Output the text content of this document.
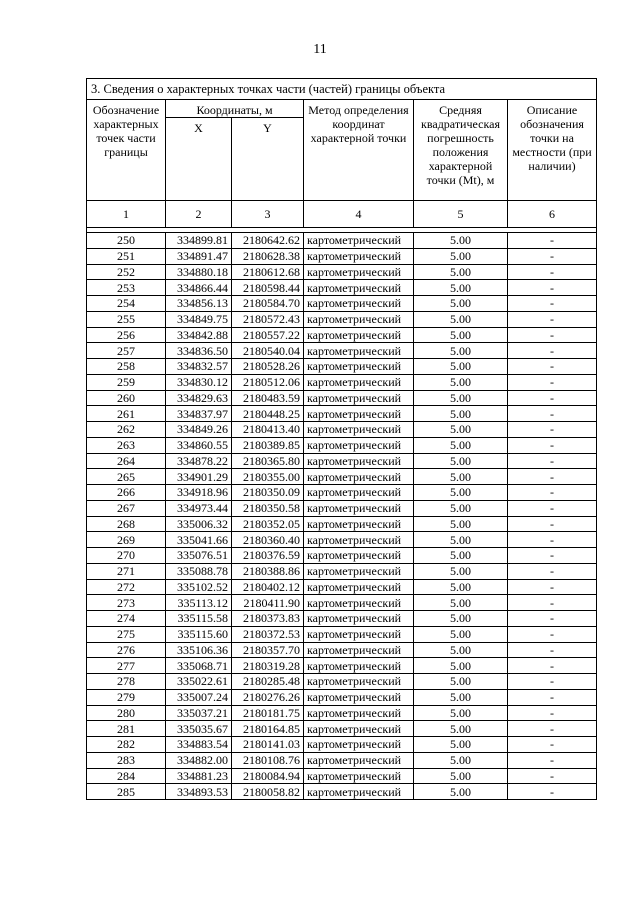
11
3. Сведения о характерных точках части (частей) границы объекта					
Обозначение характерных точек части границы	Координаты, м		Метод определения координат характерной точки	Средняя квадратическая погрешность положения характерной точки (Mt), м	Описание обозначения точки на местности (при наличии)
	X	Y			
1	2	3	4	5	6

250	334899.81	2180642.62	картометрический	5.00	-
251	334891.47	2180628.38	картометрический	5.00	-
252	334880.18	2180612.68	картометрический	5.00	-
253	334866.44	2180598.44	картометрический	5.00	-
254	334856.13	2180584.70	картометрический	5.00	-
255	334849.75	2180572.43	картометрический	5.00	-
256	334842.88	2180557.22	картометрический	5.00	-
257	334836.50	2180540.04	картометрический	5.00	-
258	334832.57	2180528.26	картометрический	5.00	-
259	334830.12	2180512.06	картометрический	5.00	-
260	334829.63	2180483.59	картометрический	5.00	-
261	334837.97	2180448.25	картометрический	5.00	-
262	334849.26	2180413.40	картометрический	5.00	-
263	334860.55	2180389.85	картометрический	5.00	-
264	334878.22	2180365.80	картометрический	5.00	-
265	334901.29	2180355.00	картометрический	5.00	-
266	334918.96	2180350.09	картометрический	5.00	-
267	334973.44	2180350.58	картометрический	5.00	-
268	335006.32	2180352.05	картометрический	5.00	-
269	335041.66	2180360.40	картометрический	5.00	-
270	335076.51	2180376.59	картометрический	5.00	-
271	335088.78	2180388.86	картометрический	5.00	-
272	335102.52	2180402.12	картометрический	5.00	-
273	335113.12	2180411.90	картометрический	5.00	-
274	335115.58	2180373.83	картометрический	5.00	-
275	335115.60	2180372.53	картометрический	5.00	-
276	335106.36	2180357.70	картометрический	5.00	-
277	335068.71	2180319.28	картометрический	5.00	-
278	335022.61	2180285.48	картометрический	5.00	-
279	335007.24	2180276.26	картометрический	5.00	-
280	335037.21	2180181.75	картометрический	5.00	-
281	335035.67	2180164.85	картометрический	5.00	-
282	334883.54	2180141.03	картометрический	5.00	-
283	334882.00	2180108.76	картометрический	5.00	-
284	334881.23	2180084.94	картометрический	5.00	-
285	334893.53	2180058.82	картометрический	5.00	-
